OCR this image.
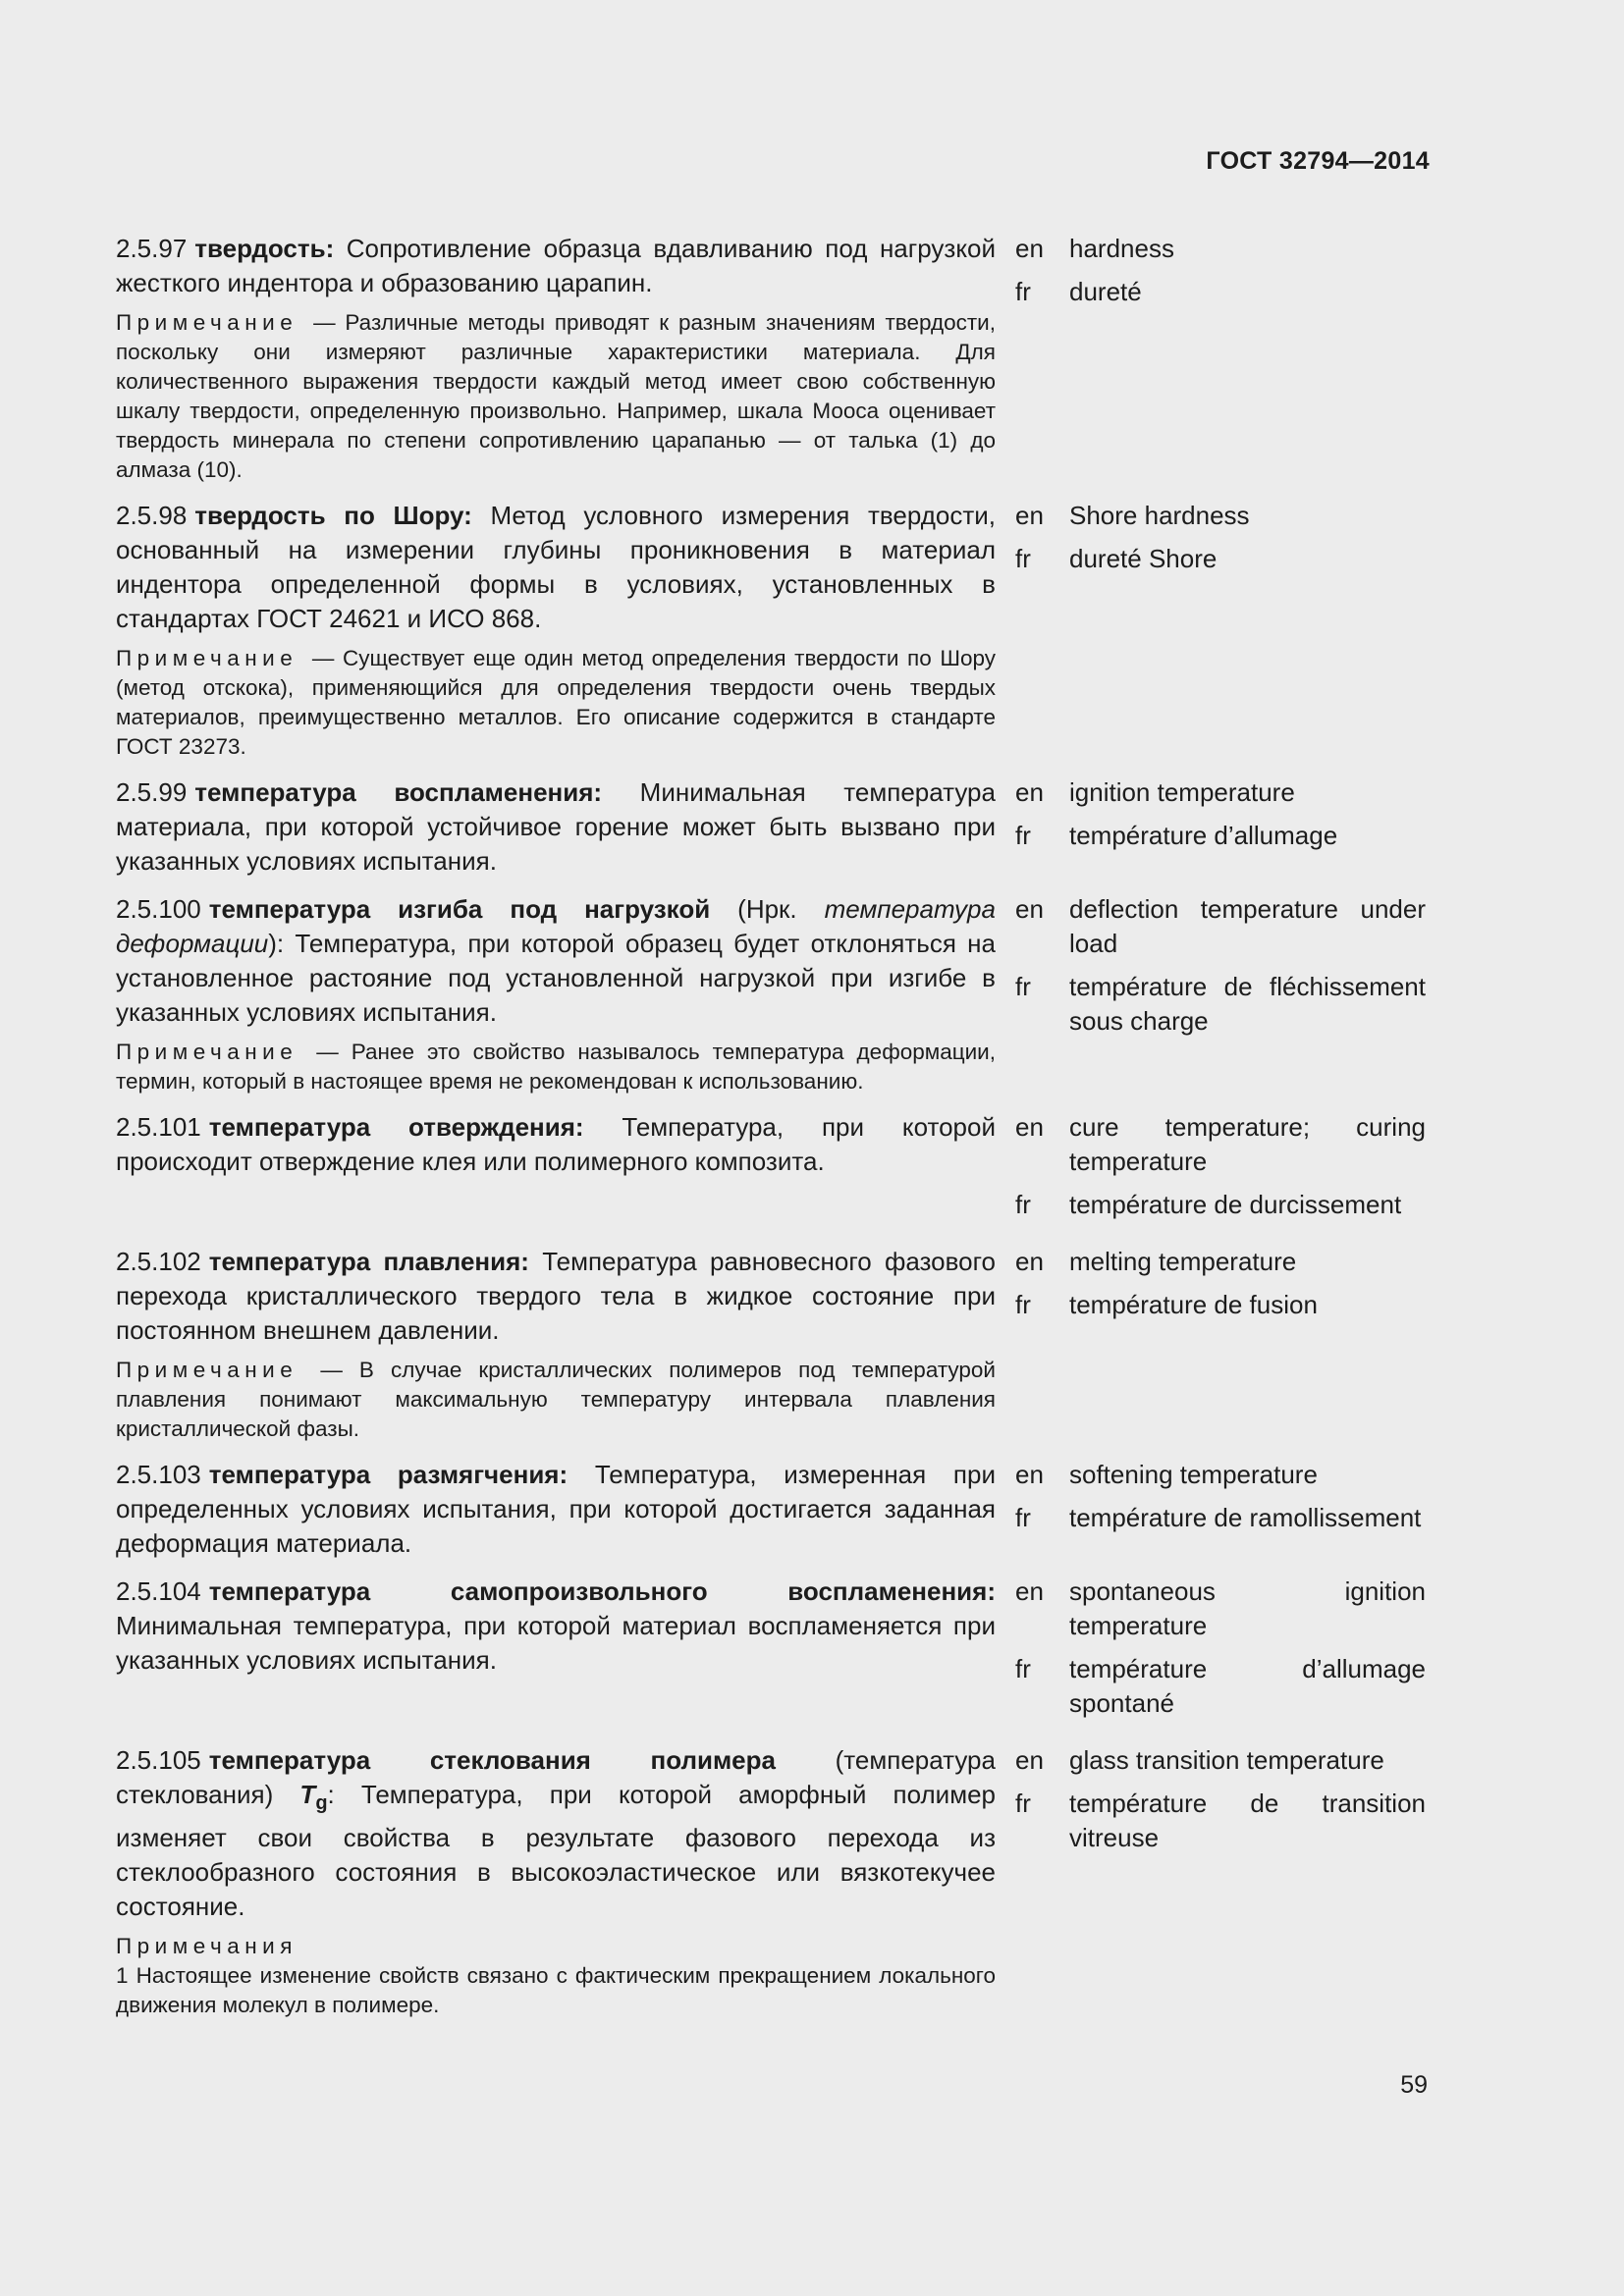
ГОСТ 32794—2014

2.5.97 твердость: Сопротивление образца вдавливанию под нагрузкой жесткого индентора и образованию царапин.

Примечание — Различные методы приводят к разным значениям твердости, поскольку они измеряют различные характеристики материала. Для количественного выражения твердости каждый метод имеет свою собственную шкалу твердости, определенную произвольно. Например, шкала Мооса оценивает твердость минерала по степени сопротивлению царапанью — от талька (1) до алмаза (10).

en	hardness
fr	dureté

2.5.98 твердость по Шору: Метод условного измерения твердости, основанный на измерении глубины проникновения в материал индентора определенной формы в условиях, установленных в стандартах ГОСТ 24621 и ИСО 868.

Примечание — Существует еще один метод определения твердости по Шору (метод отскока), применяющийся для определения твердости очень твердых материалов, преимущественно металлов. Его описание содержится в стандарте ГОСТ 23273.

en	Shore hardness
fr	dureté Shore

2.5.99 температура воспламенения: Минимальная температура материала, при которой устойчивое горение может быть вызвано при указанных условиях испытания.

en	ignition temperature
fr	température d’allumage

2.5.100 температура изгиба под нагрузкой (Нрк. температура деформации): Температура, при которой образец будет отклоняться на установленное растояние под установленной нагрузкой при изгибе в указанных условиях испытания.

Примечание — Ранее это свойство называлось температура деформации, термин, который в настоящее время не рекомендован к использованию.

en	deflection temperature under load
fr	température de fléchissement sous charge

2.5.101 температура отверждения: Температура, при которой происходит отверждение клея или полимерного композита.

en	cure temperature; curing temperature
fr	température de durcissement

2.5.102 температура плавления: Температура равновесного фазового перехода кристаллического твердого тела в жидкое состояние при постоянном внешнем давлении.

Примечание — В случае кристаллических полимеров под температурой плавления понимают максимальную температуру интервала плавления кристаллической фазы.

en	melting temperature
fr	température de fusion

2.5.103 температура размягчения: Температура, измеренная при определенных условиях испытания, при которой достигается заданная деформация материала.

en	softening temperature
fr	température de ramollissement

2.5.104 температура самопроизвольного воспламенения: Минимальная температура, при которой материал воспламеняется при указанных условиях испытания.

en	spontaneous ignition temperature
fr	température d’allumage spontané

2.5.105 температура стеклования полимера (температура стеклования) $T_g$: Температура, при которой аморфный полимер изменяет свои свойства в результате фазового перехода из стеклообразного состояния в высокоэластическое или вязкотекучее состояние.

Примечания

1 Настоящее изменение свойств связано с фактическим прекращением локального движения молекул в полимере.

en	glass transition temperature
fr	température de transition vitreuse
59
